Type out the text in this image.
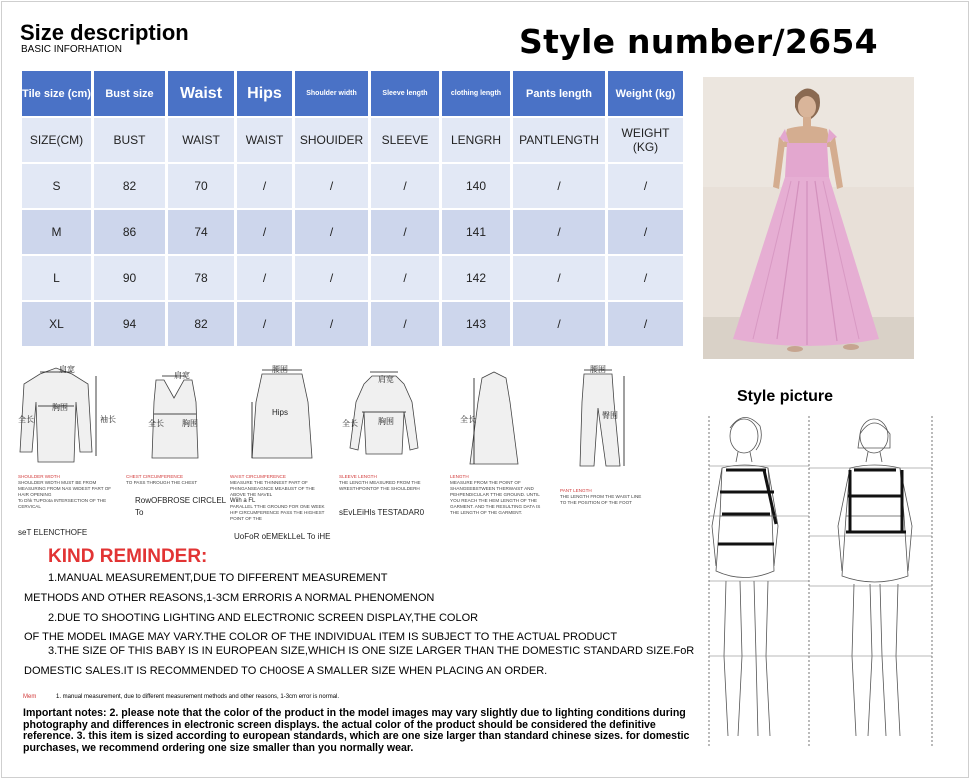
Size description
BASIC INFORHATION	Style number/2654
Tile size (cm)	Bust size	Waist	Hips	Shoulder width	Sleeve length	clothing length	Pants length	Weight (kg)
SIZE(CM)	BUST	WAIST	WAIST	SHOUIDER	SLEEVE	LENGRH	PANTLENGTH	WEIGHT (KG)
S	82	70	/	/	/	140	/	/
M	86	74	/	/	/	141	/	/
L	90	78	/	/	/	142	/	/
XL	94	82	/	/	/	143	/	/
Style picture
肩宽
胸围
全长	袖长
肩宽
全长 胸围
腰围
Hips
肩宽
全长	胸围	全长
腰围
臀围
SHOULDER WIDTH
SHOULDER WIDTH MUST BE FROM MEASURING FROM NAS WIDEST PART OF HAIR OPENING
To Dhk TUPOota INTERSECTION OF THE CERVICAL
seT ELENCTHOFE
CHEST CIRCUMFERENCE
TO PASS THROUGH THE CHEST
RowOFBROSE CIRCLEL
To
WAIST CIRCUMFERENCE
MEASURE THE THINNEST PART OF PHINGANSEAGNCE MEABUST OF THE ABOVE THE NAVEL
Wiih a FL
PARALLEL TTHE GROUND FOR ONE WEEK HIP CIRCUMFERENCE PASS THE HIGHEST POINT OF THE
UoFoR oEMEkLLeL To iHE
SLEEVE LENGTH
THE LENGTH MEASURED FROM THE WRESTHPOINTOF THE SHOULDERH
sEvLEiHls TESTADAR0
LENGTH
MEASURE FROM THE POINT OF SHANGEEBSTWEEN THERWAIST AND PEHPENDICULAR TTHE GROUND. UNTIL YOU REACH THE HEM LENGTH OF THE GARMENT. AND THE RESULTING DATA IS THE LENGTH OF THE GARMENT.
PANT LENGTH
THE LENGTH FROM THE WAIST LINE TO THE POSITION OF THE FOOT
KIND REMINDER:
1.MANUAL MEASUREMENT,DUE TO DIFFERENT MEASUREMENT
METHODS AND OTHER REASONS,1-3CM ERRORIS A NORMAL PHENOMENON
2.DUE TO SHOOTING LIGHTING AND ELECTRONIC SCREEN DISPLAY,THE COLOR
OF THE MODEL IMAGE MAY VARY.THE COLOR OF THE INDIVIDUAL ITEM IS SUBJECT TO THE ACTUAL PRODUCT
3.THE SIZE OF THIS BABY IS IN EUROPEAN SIZE,WHICH IS ONE SIZE LARGER THAN THE DOMESTIC STANDARD SIZE.FoR
DOMESTIC SALES.IT IS RECOMMENDED TO CH0OSE A SMALLER SIZE WHEN PLACING AN ORDER.
Mem	1. manual measurement, due to different measurement methods and other reasons, 1-3cm error is normal.
Important notes: 2. please note that the color of the product in the model images may vary slightly due to lighting conditions during photography and differences in electronic screen displays. the actual color of the product should be considered the definitive reference. 3. this item is sized according to european standards, which are one size larger than standard chinese sizes. for domestic purchases, we recommend ordering one size smaller than you normally wear.
